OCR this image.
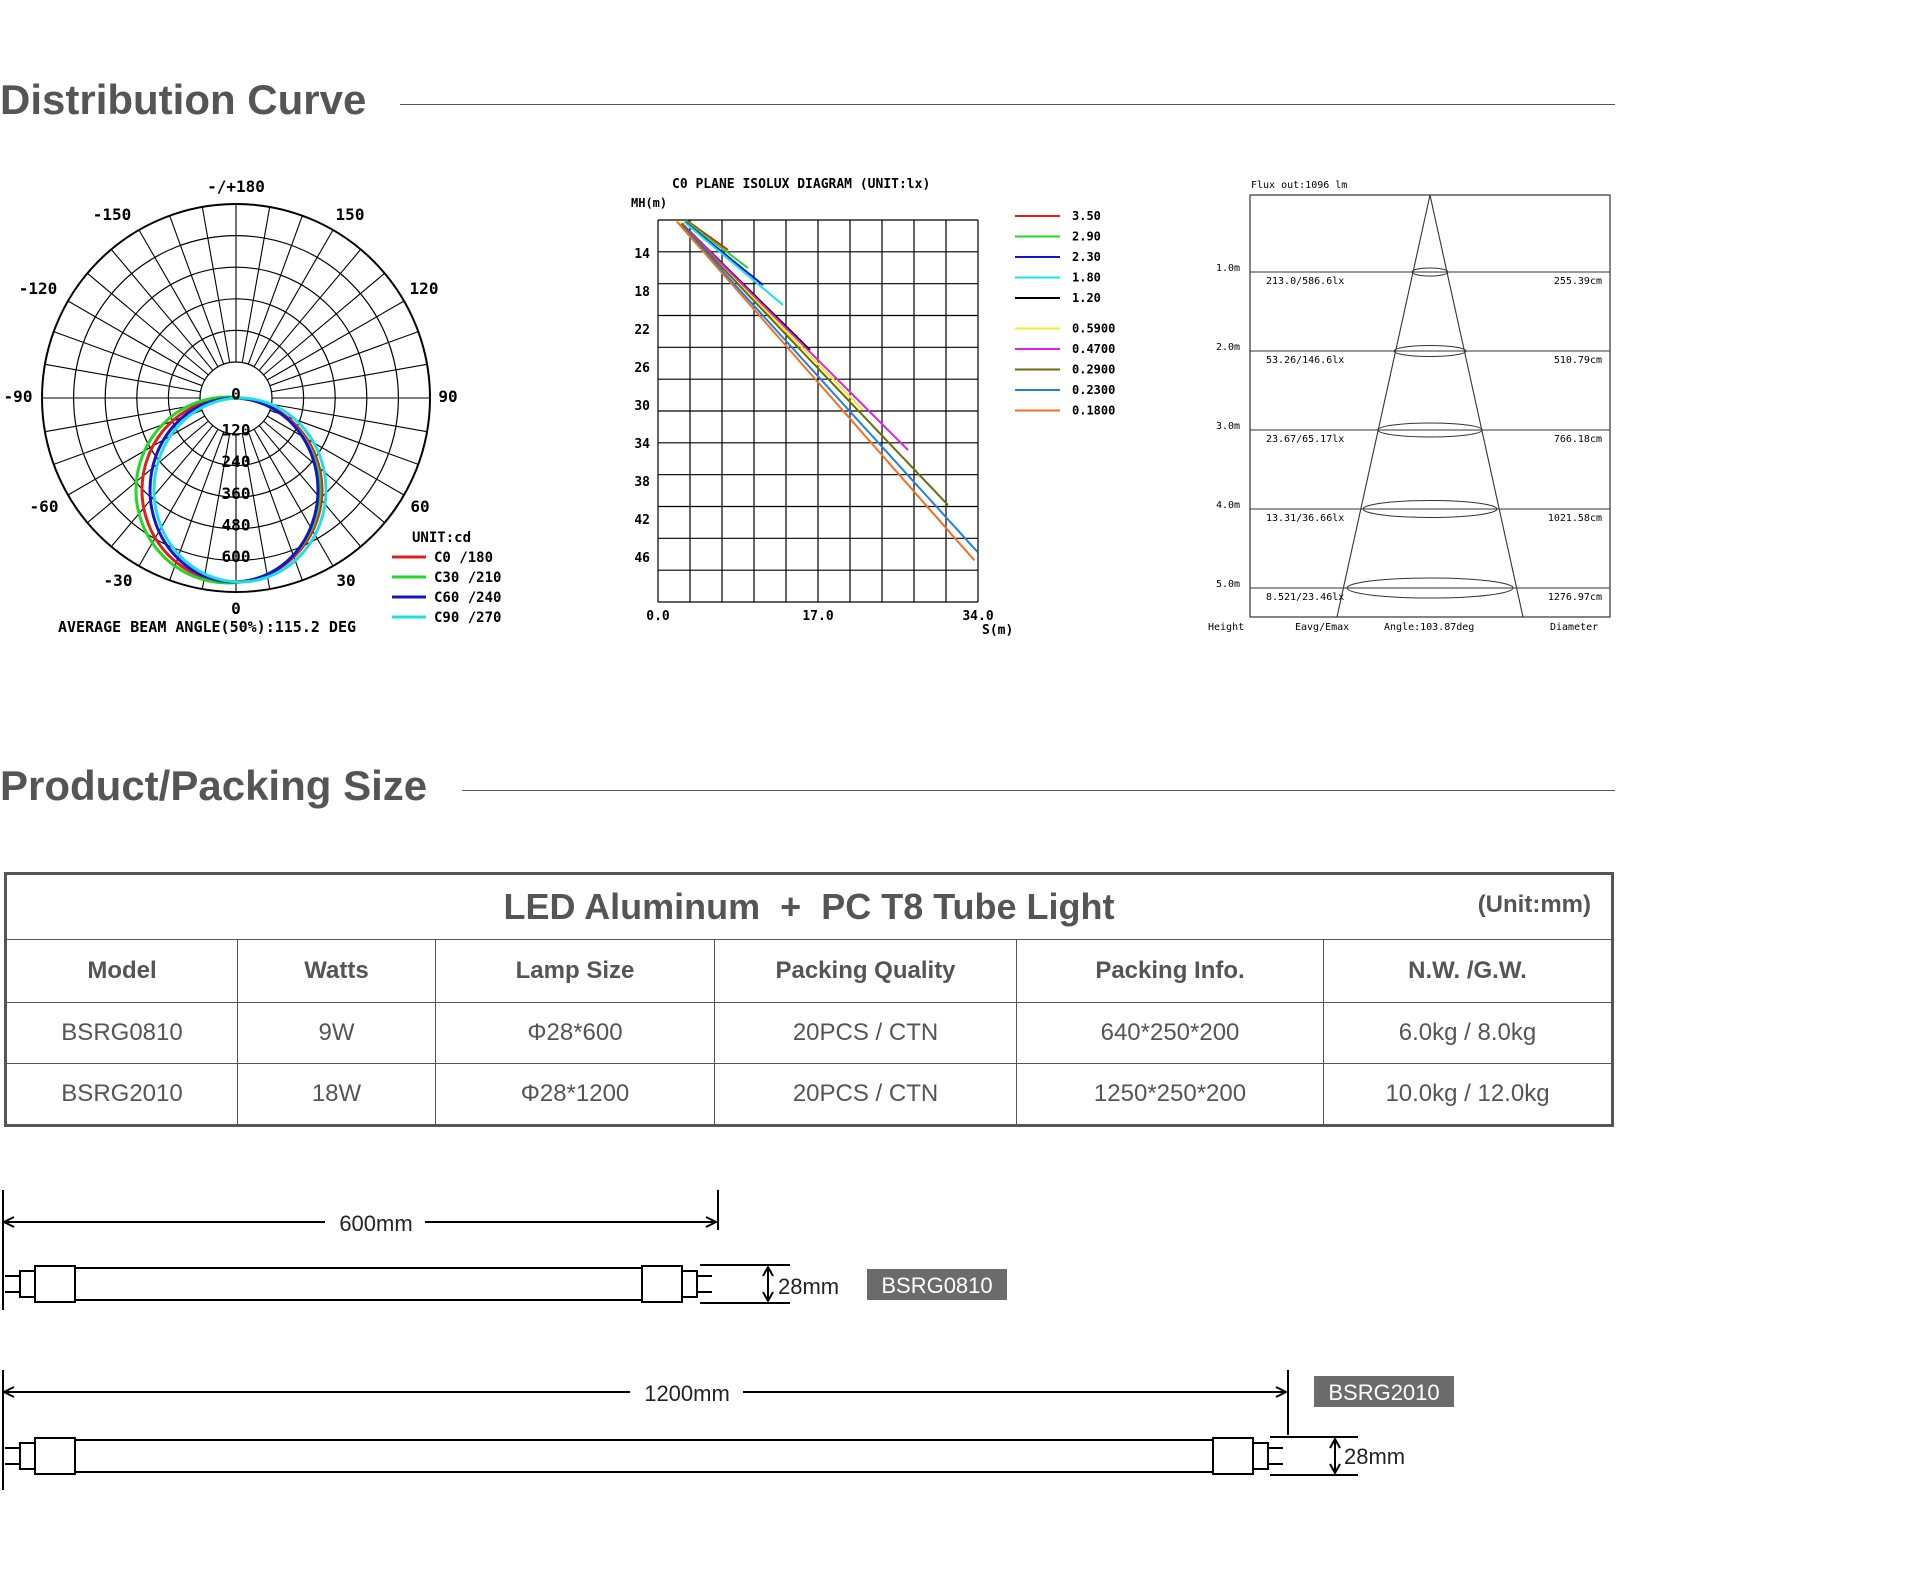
Distribution Curve
-/+180
150
-150
120
-120
90
-90
60
-60
30
-30
0
0
120
240
360
480
600
UNIT:cd
C0 /180
C30 /210
C60 /240
C90 /270
AVERAGE BEAM ANGLE(50%):115.2 DEG
C0 PLANE ISOLUX DIAGRAM (UNIT:lx)
MH(m)
14
18
22
26
30
34
38
42
46
0.0	17.0	34.0
S(m)
3.50
2.90
2.30
1.80
1.20
0.5900
0.4700
0.2900
0.2300
0.1800
Flux out:1096 lm
1.0m
213.0/586.6lx	255.39cm
2.0m
53.26/146.6lx	510.79cm
3.0m
23.67/65.17lx	766.18cm
4.0m
13.31/36.66lx	1021.58cm
5.0m
8.521/23.46lx	1276.97cm
Height	Eavg/Emax	Angle:103.87deg	Diameter
Product/Packing Size
LED Aluminum  +  PC T8 Tube Light (Unit:mm)					

Model	Watts	Lamp Size	Packing Quality	Packing Info.	N.W. /G.W.
BSRG0810	9W	Φ28*600	20PCS / CTN	640*250*200	6.0kg / 8.0kg
BSRG2010	18W	Φ28*1200	20PCS / CTN	1250*250*200	10.0kg / 12.0kg
600mm
28mm BSRG0810
1200mm
28mm
BSRG2010
